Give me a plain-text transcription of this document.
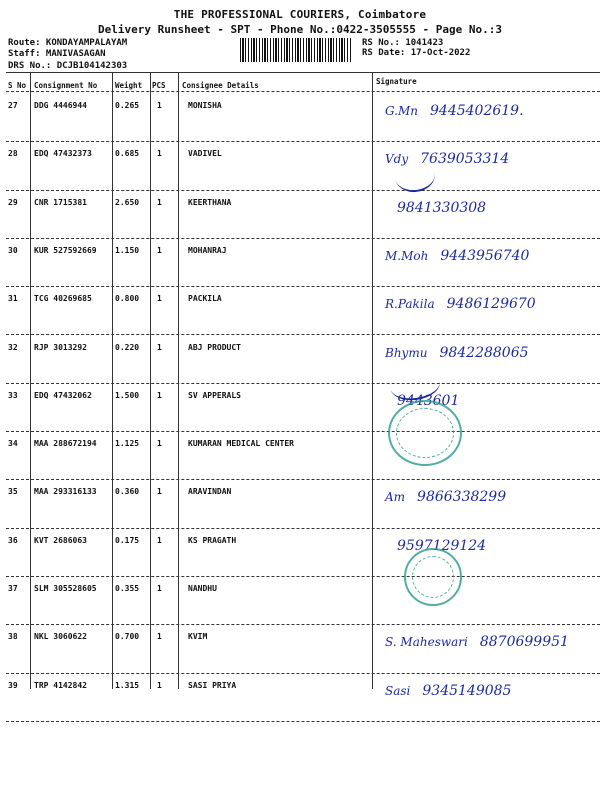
THE PROFESSIONAL COURIERS, Coimbatore
Delivery Runsheet - SPT - Phone No.:0422-3505555 - Page No.:3
Route: KONDAYAMPALAYAM
Staff: MANIVASAGAN
DRS No.: DCJB104142303
RS No.: 1041423
RS Date: 17-Oct-2022
S No Consignment No Weight PCS Consignee Details	Signature
27 DDG 4446944	0.265 1	MONISHA	G.Mn 9445402619.
28 EDQ 47432373	0.685 1	VADIVEL	Vdy 7639053314
29 CNR 1715381	2.650 1	KEERTHANA	9841330308
30 KUR 527592669 1.150 1	MOHANRAJ	M.Moh 9443956740
31 TCG 40269685	0.800 1	PACKILA	R.Pakila 9486129670
32 RJP 3013292	0.220 1	ABJ PRODUCT	Bhymu 9842288065
33 EDQ 47432062	1.500 1	SV APPERALS	9443601
34 MAA 288672194 1.125 1	KUMARAN MEDICAL CENTER
35 MAA 293316133 0.360 1	ARAVINDAN	Am 9866338299
36 KVT 2686063	0.175 1	KS PRAGATH	9597129124
37 SLM 305528605 0.355 1	NANDHU
38 NKL 3060622	0.700 1	KVIM	S. Maheswari 8870699951
39 TRP 4142842	1.315 1	SASI PRIYA	Sasi 9345149085
